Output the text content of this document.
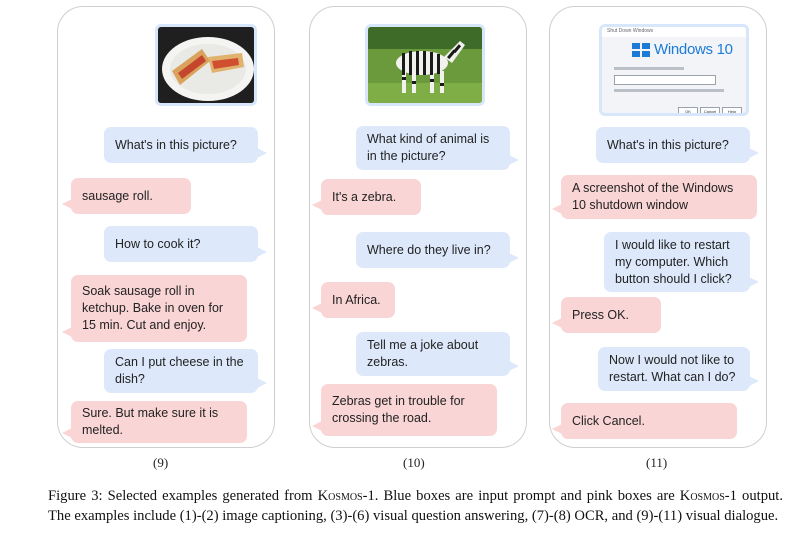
What's in this picture?
sausage roll.
How to cook it?
Soak sausage roll in
ketchup. Bake in oven for
15 min. Cut and enjoy.
Can I put cheese in the
dish?
Sure. But make sure it is
melted.
What kind of animal is
in the picture?
It's a zebra.
Where do they live in?
In Africa.
Tell me a joke about
zebras.
Zebras get in trouble for
crossing the road.
Shut Down Windows
Windows 10
OK	Cancel	Help
What's in this picture?
A screenshot of the Windows
10 shutdown window
I would like to restart
my computer. Which
button should I click?
Press OK.
Now I would not like to
restart. What can I do?
Click Cancel.
(9)	(10)	(11)
Figure 3: Selected examples generated from Kosmos-1. Blue boxes are input prompt and pink boxes are Kosmos-1 output. The examples include (1)-(2) image captioning, (3)-(6) visual question answering, (7)-(8) OCR, and (9)-(11) visual dialogue.
